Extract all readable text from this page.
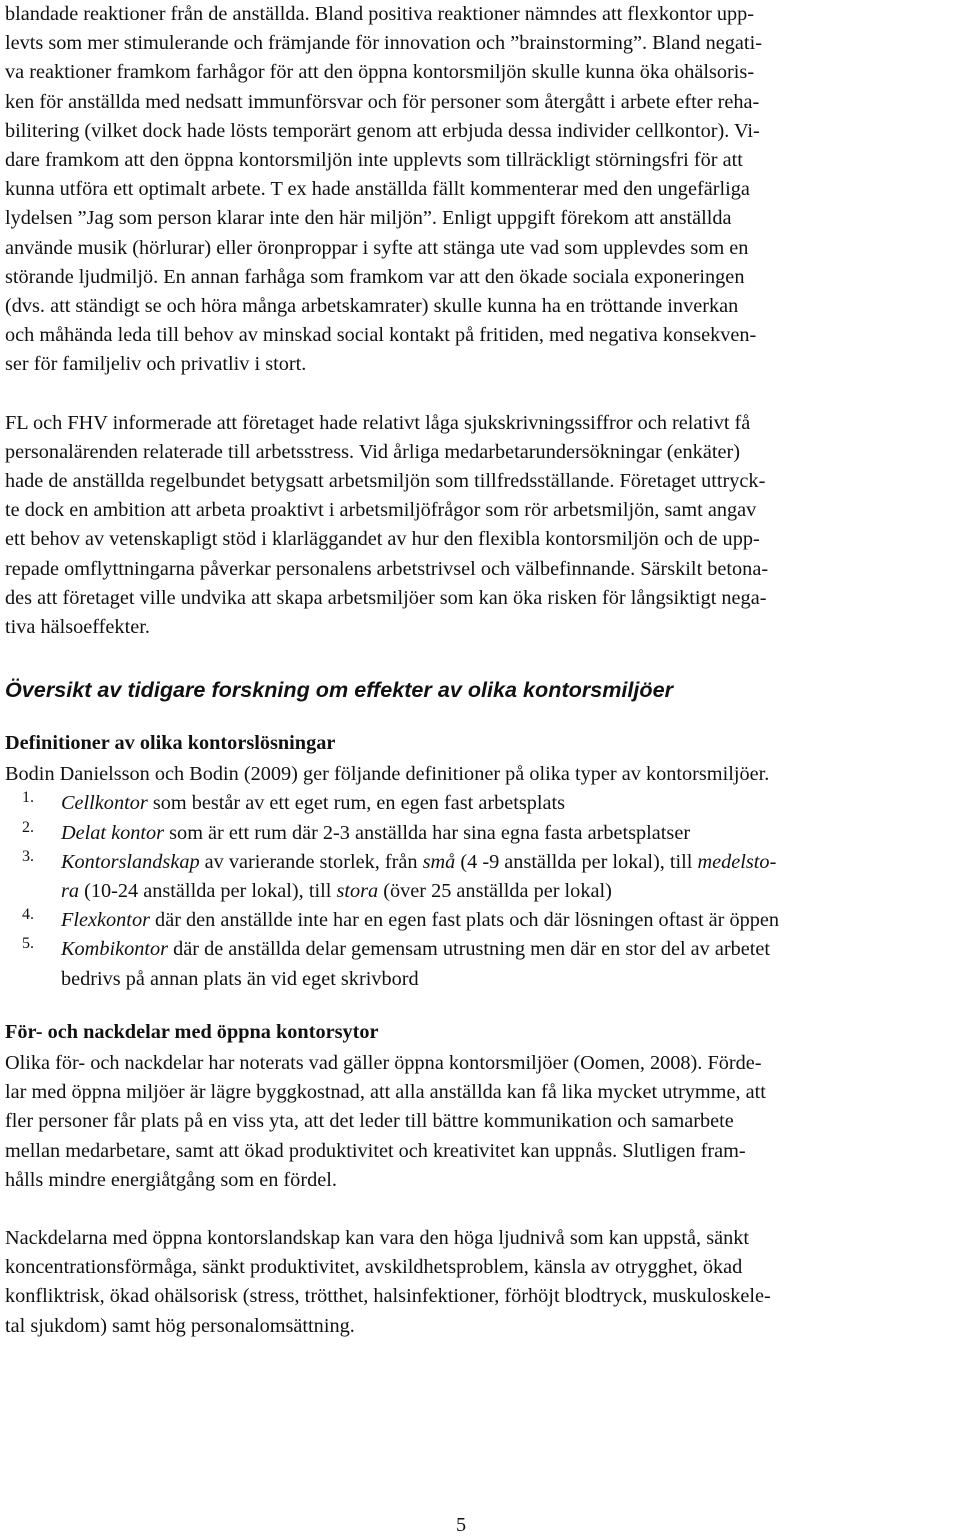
blandade reaktioner från de anställda. Bland positiva reaktioner nämndes att flexkontor upp-
levts som mer stimulerande och främjande för innovation och ”brainstorming”. Bland negati-
va reaktioner framkom farhågor för att den öppna kontorsmiljön skulle kunna öka ohälsoris-
ken för anställda med nedsatt immunförsvar och för personer som återgått i arbete efter reha-
bilitering (vilket dock hade lösts temporärt genom att erbjuda dessa individer cellkontor). Vi-
dare framkom att den öppna kontorsmiljön inte upplevts som tillräckligt störningsfri för att
kunna utföra ett optimalt arbete. T ex hade anställda fällt kommenterar med den ungefärliga
lydelsen ”Jag som person klarar inte den här miljön”. Enligt uppgift förekom att anställda
använde musik (hörlurar) eller öronproppar i syfte att stänga ute vad som upplevdes som en
störande ljudmiljö. En annan farhåga som framkom var att den ökade sociala exponeringen
(dvs. att ständigt se och höra många arbetskamrater) skulle kunna ha en tröttande inverkan
och måhända leda till behov av minskad social kontakt på fritiden, med negativa konsekven-
ser för familjeliv och privatliv i stort.
FL och FHV informerade att företaget hade relativt låga sjukskrivningssiffror och relativt få
personalärenden relaterade till arbetsstress. Vid årliga medarbetarundersökningar (enkäter)
hade de anställda regelbundet betygsatt arbetsmiljön som tillfredsställande. Företaget uttryck-
te dock en ambition att arbeta proaktivt i arbetsmiljöfrågor som rör arbetsmiljön, samt angav
ett behov av vetenskapligt stöd i klarläggandet av hur den flexibla kontorsmiljön och de upp-
repade omflyttningarna påverkar personalens arbetstrivsel och välbefinnande. Särskilt betona-
des att företaget ville undvika att skapa arbetsmiljöer som kan öka risken för långsiktigt nega-
tiva hälsoeffekter.
Översikt av tidigare forskning om effekter av olika kontorsmiljöer
Definitioner av olika kontorslösningar
Bodin Danielsson och Bodin (2009) ger följande definitioner på olika typer av kontorsmiljöer.
1. Cellkontor som består av ett eget rum, en egen fast arbetsplats
2. Delat kontor som är ett rum där 2-3 anställda har sina egna fasta arbetsplatser
3. Kontorslandskap av varierande storlek, från små (4 -9 anställda per lokal), till medelsto-
ra (10-24 anställda per lokal), till stora (över 25 anställda per lokal)
4. Flexkontor där den anställde inte har en egen fast plats och där lösningen oftast är öppen
5. Kombikontor där de anställda delar gemensam utrustning men där en stor del av arbetet
bedrivs på annan plats än vid eget skrivbord
För- och nackdelar med öppna kontorsytor
Olika för- och nackdelar har noterats vad gäller öppna kontorsmiljöer (Oomen, 2008). Förde-
lar med öppna miljöer är lägre byggkostnad, att alla anställda kan få lika mycket utrymme, att
fler personer får plats på en viss yta, att det leder till bättre kommunikation och samarbete
mellan medarbetare, samt att ökad produktivitet och kreativitet kan uppnås. Slutligen fram-
hålls mindre energiåtgång som en fördel.
Nackdelarna med öppna kontorslandskap kan vara den höga ljudnivå som kan uppstå, sänkt
koncentrationsförmåga, sänkt produktivitet, avskildhetsproblem, känsla av otrygghet, ökad
konfliktrisk, ökad ohälsorisk (stress, trötthet, halsinfektioner, förhöjt blodtryck, muskuloskele-
tal sjukdom) samt hög personalomsättning.
5
